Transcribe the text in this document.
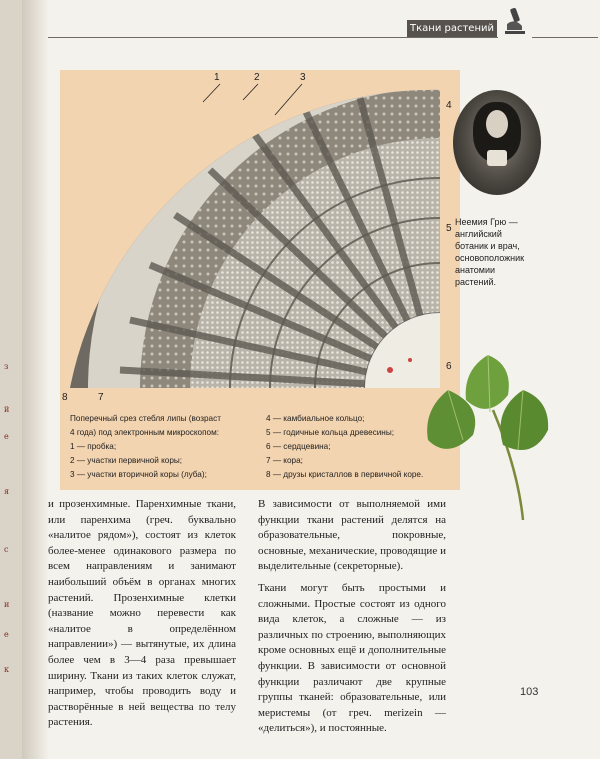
з
й
е
я
с
и
е
к
Ткани растений
1	2	3
4
5
6
7
8
Неемия Грю — английский ботаник и врач, основоположник анатомии растений.
Поперечный срез стебля липы (возраст
4 года) под электронным микроскопом:
1 — пробка;
2 — участки первичной коры;
3 — участки вторичной коры (луба);
4 — камбиальное кольцо;
5 — годичные кольца древесины;
6 — сердцевина;
7 — кора;
8 — друзы кристаллов в первичной коре.

и прозенхимные. Паренхимные ткани, или паренхима (греч. буквально «налитое рядом»), состоят из клеток более-менее одинакового размера по всем направлениям и занимают наибольший объём в органах многих растений. Прозенхимные клетки (название можно перевести как «налитое в определённом направлении») — вытянутые, их длина более чем в 3—4 раза превышает ширину. Ткани из таких клеток служат, например, чтобы проводить воду и растворённые в ней вещества по телу растения.

В зависимости от выполняемой ими функции ткани растений делятся на образовательные, покровные, основные, механические, проводящие и выделительные (секреторные).

Ткани могут быть простыми и сложными. Простые состоят из одного вида клеток, а сложные — из различных по строению, выполняющих кроме основных ещё и дополнительные функции. В зависимости от основной функции различают две крупные группы тканей: образовательные, или меристемы (от греч. merizein — «делиться»), и постоянные.

103
